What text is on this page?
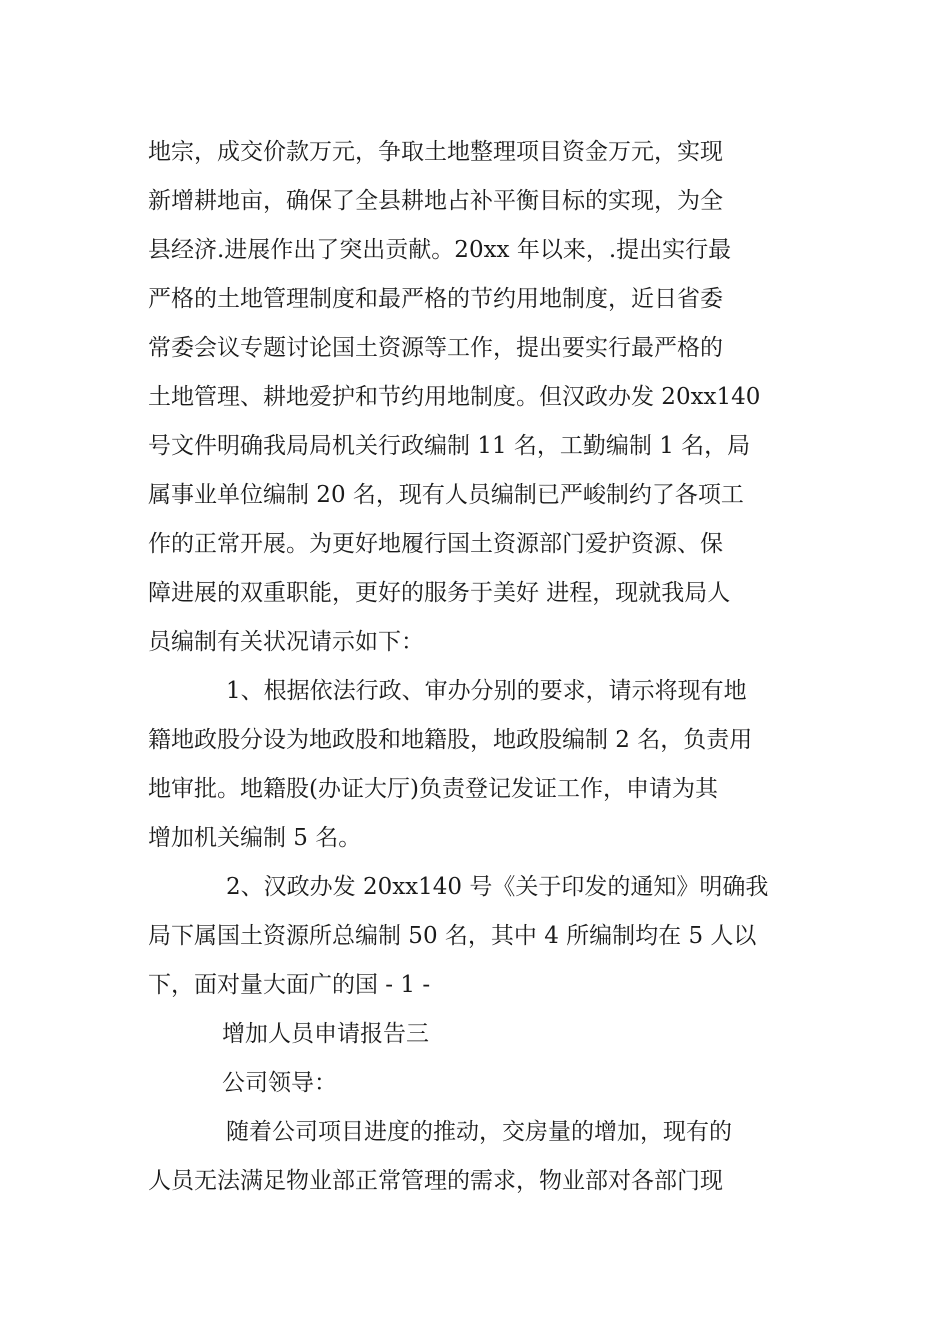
地宗，成交价款万元，争取土地整理项目资金万元，实现
新增耕地亩，确保了全县耕地占补平衡目标的实现，为全
县经济.进展作出了突出贡献。20xx 年以来，.提出实行最
严格的土地管理制度和最严格的节约用地制度，近日省委
常委会议专题讨论国土资源等工作，提出要实行最严格的
土地管理、耕地爱护和节约用地制度。但汉政办发 20xx140
号文件明确我局局机关行政编制 11 名，工勤编制 1 名，局
属事业单位编制 20 名，现有人员编制已严峻制约了各项工
作的正常开展。为更好地履行国土资源部门爱护资源、保
障进展的双重职能，更好的服务于美好 进程，现就我局人
员编制有关状况请示如下：
1、根据依法行政、审办分别的要求，请示将现有地
籍地政股分设为地政股和地籍股，地政股编制 2 名，负责用
地审批。地籍股(办证大厅)负责登记发证工作，申请为其
增加机关编制 5 名。
2、汉政办发 20xx140 号《关于印发的通知》明确我
局下属国土资源所总编制 50 名，其中 4 所编制均在 5 人以
下，面对量大面广的国 - 1 -
增加人员申请报告三
公司领导：
随着公司项目进度的推动，交房量的增加，现有的
人员无法满足物业部正常管理的需求，物业部对各部门现
